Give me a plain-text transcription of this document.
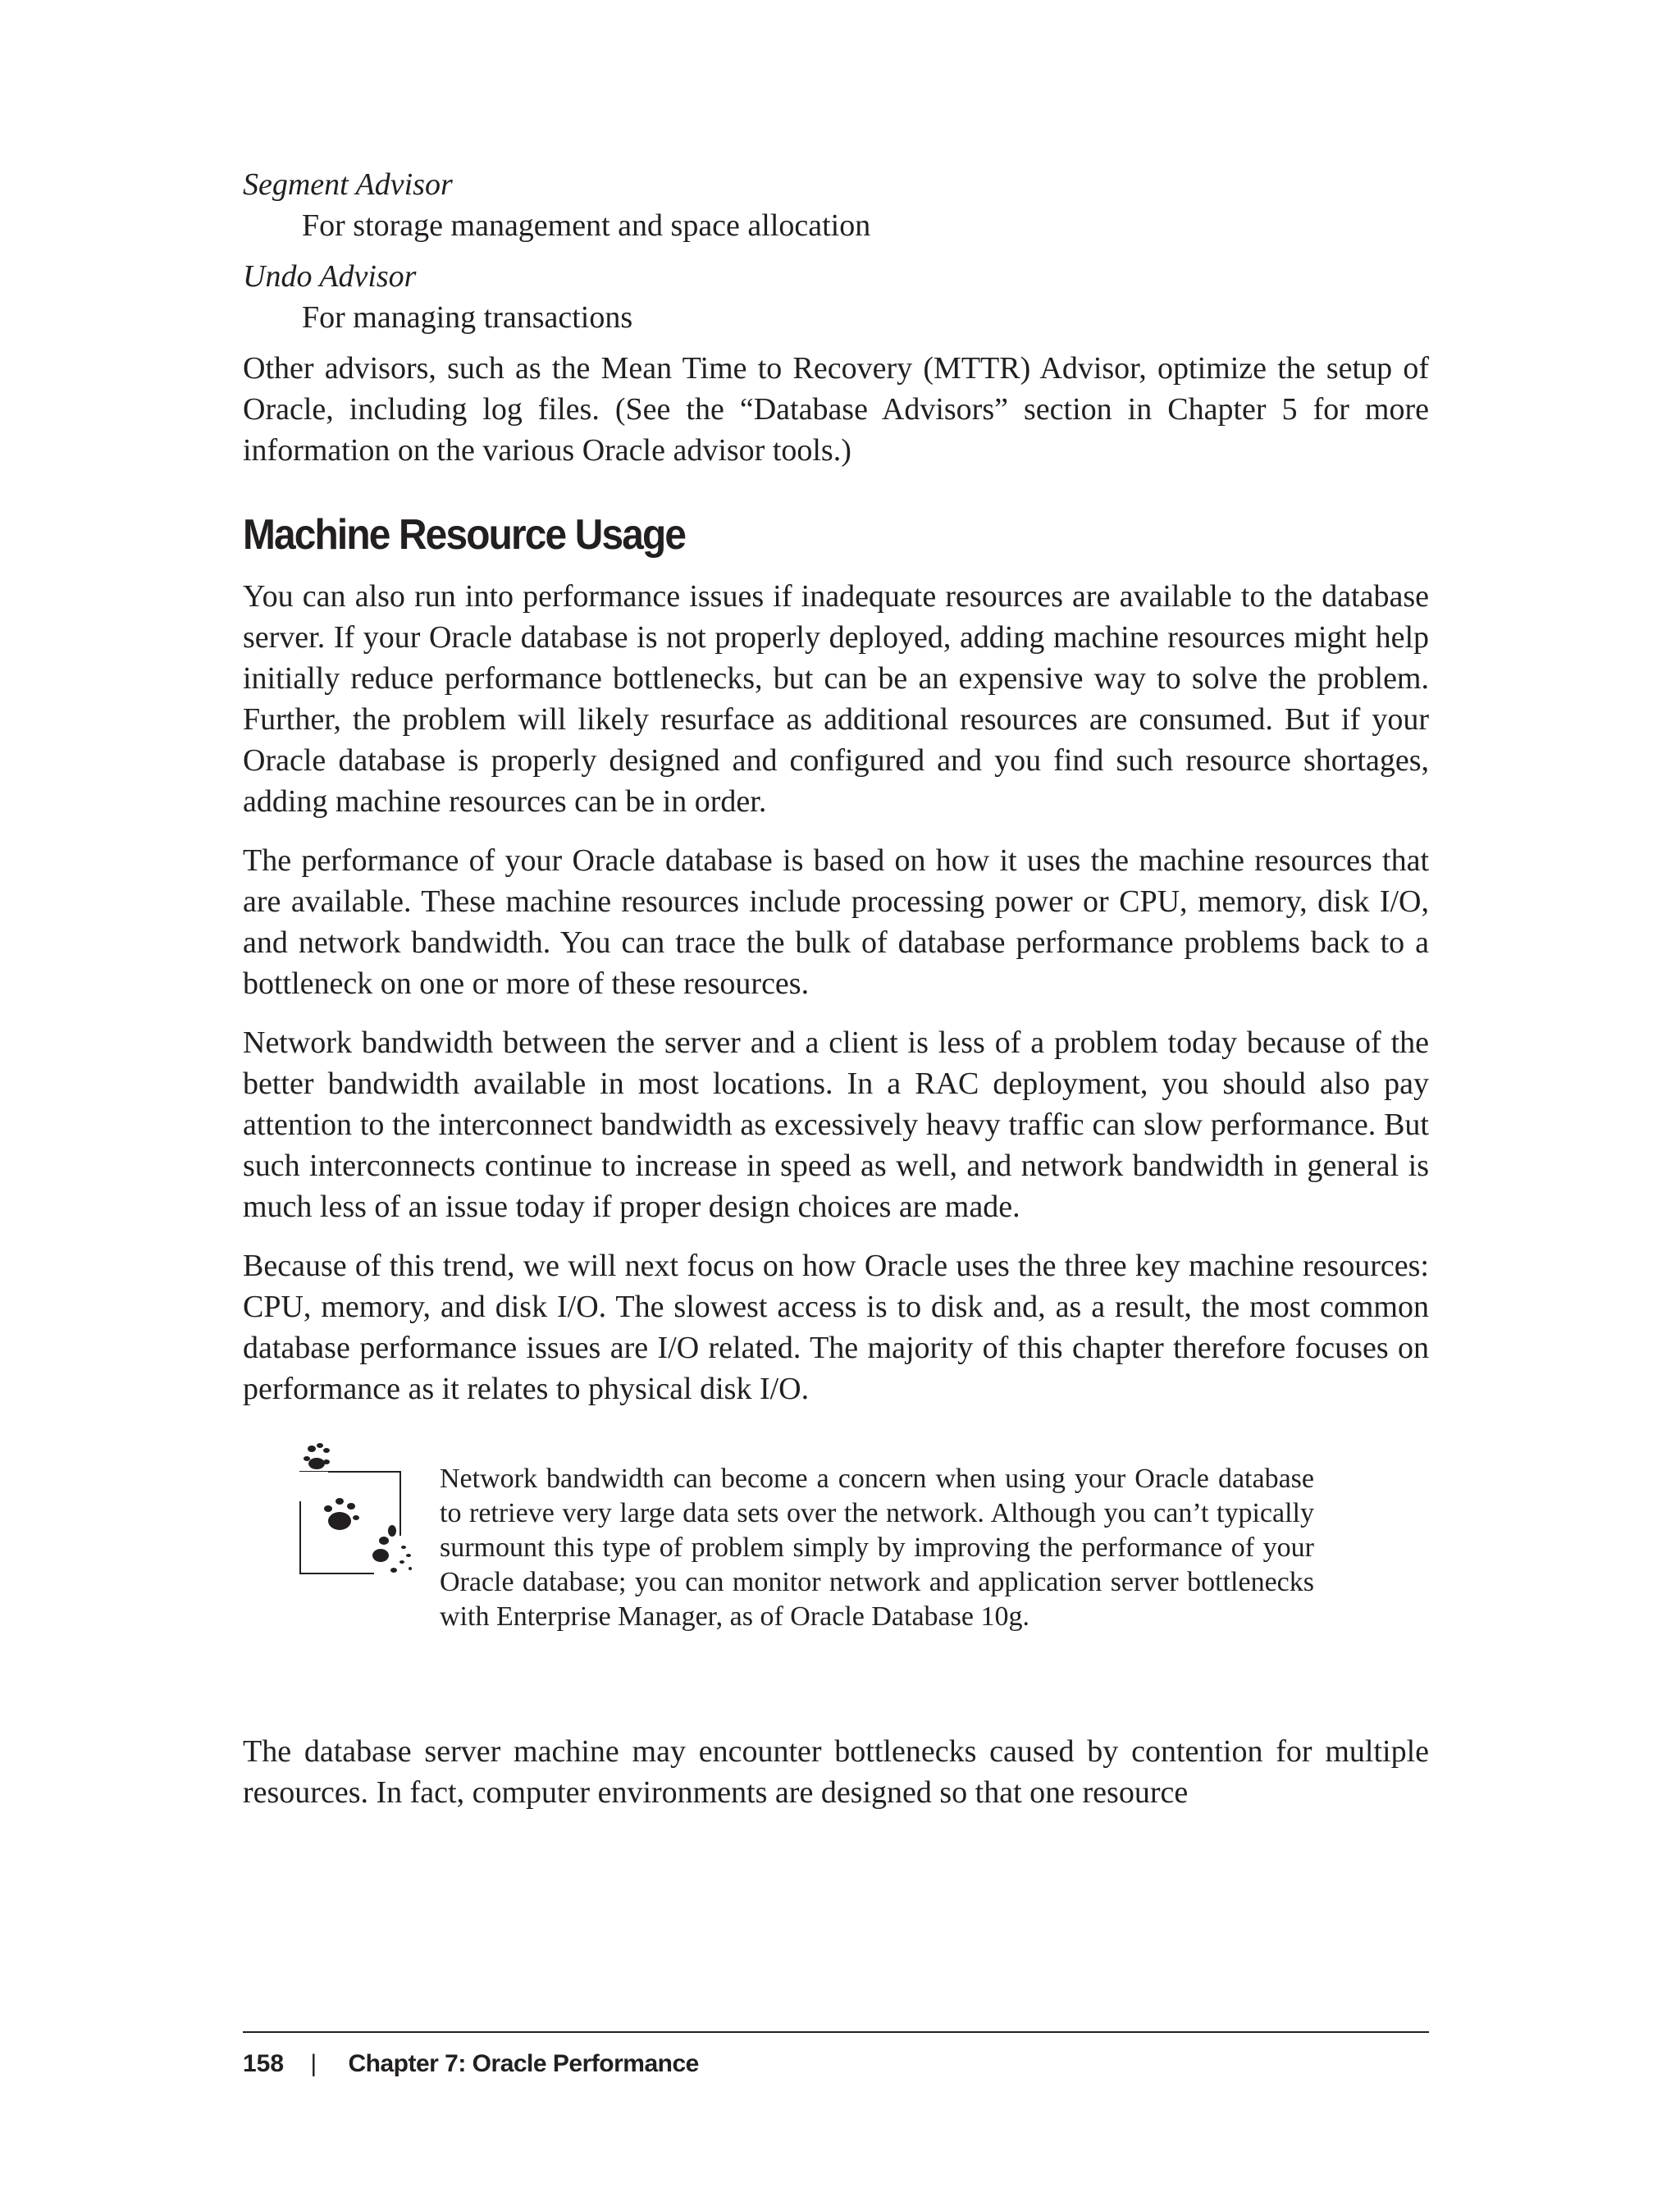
Segment Advisor
For storage management and space allocation
Undo Advisor
For managing transactions

Other advisors, such as the Mean Time to Recovery (MTTR) Advisor, optimize the setup of Oracle, including log files. (See the “Database Advisors” section in Chapter 5 for more information on the various Oracle advisor tools.)

Machine Resource Usage

You can also run into performance issues if inadequate resources are available to the database server. If your Oracle database is not properly deployed, adding machine resources might help initially reduce performance bottlenecks, but can be an expensive way to solve the problem. Further, the problem will likely resurface as additional resources are consumed. But if your Oracle database is properly designed and configured and you find such resource shortages, adding machine resources can be in order.

The performance of your Oracle database is based on how it uses the machine resources that are available. These machine resources include processing power or CPU, memory, disk I/O, and network bandwidth. You can trace the bulk of database performance problems back to a bottleneck on one or more of these resources.

Network bandwidth between the server and a client is less of a problem today because of the better bandwidth available in most locations. In a RAC deployment, you should also pay attention to the interconnect bandwidth as excessively heavy traffic can slow performance. But such interconnects continue to increase in speed as well, and network bandwidth in general is much less of an issue today if proper design choices are made.

Because of this trend, we will next focus on how Oracle uses the three key machine resources: CPU, memory, and disk I/O. The slowest access is to disk and, as a result, the most common database performance issues are I/O related. The majority of this chapter therefore focuses on performance as it relates to physical disk I/O.

Network bandwidth can become a concern when using your Oracle database to retrieve very large data sets over the network. Although you can’t typically surmount this type of problem simply by improving the performance of your Oracle database; you can monitor network and application server bottlenecks with Enterprise Manager, as of Oracle Database 10g.

The database server machine may encounter bottlenecks caused by contention for multiple resources. In fact, computer environments are designed so that one resource

158 | Chapter 7: Oracle Performance
